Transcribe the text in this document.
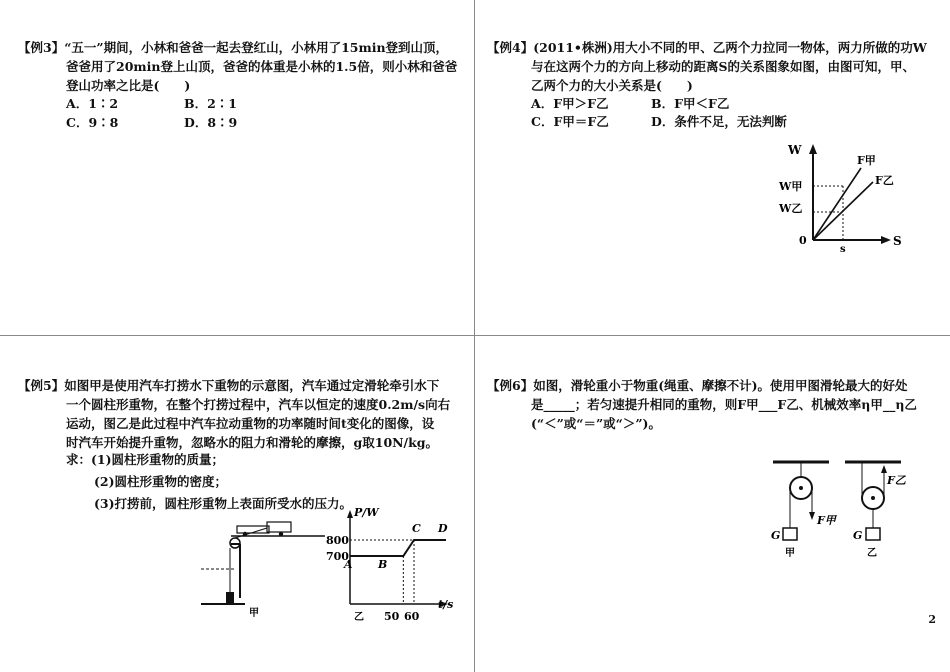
【例3】“五一”期间，小林和爸爸一起去登红山，小林用了15min登到山顶，
爸爸用了20min登上山顶，爸爸的体重是小林的1.5倍，则小林和爸爸
登山功率之比是(　　)
A．1∶2	B．2∶1
C．9∶8	D．8∶9
【例4】(2011•株洲)用大小不同的甲、乙两个力拉同一物体，两力所做的功W
与在这两个力的方向上移动的距离S的关系图象如图，由图可知，甲、
乙两个力的大小关系是(　　)
A．F甲＞F乙	B．F甲＜F乙
C．F甲＝F乙	D．条件不足，无法判断
W
S
0
F甲
F乙
W甲
W乙
s
【例5】如图甲是使用汽车打捞水下重物的示意图，汽车通过定滑轮牵引水下
一个圆柱形重物，在整个打捞过程中，汽车以恒定的速度0.2m/s向右
运动，图乙是此过程中汽车拉动重物的功率随时间t变化的图像，设
时汽车开始提升重物，忽略水的阻力和滑轮的摩擦，g取10N/kg。
求：(1)圆柱形重物的质量；
(2)圆柱形重物的密度；
(3)打捞前，圆柱形重物上表面所受水的压力。
甲
P/W
t/s
800
700
50 60
A B
C D
乙
【例6】如图，滑轮重小于物重(绳重、摩擦不计)。使用甲图滑轮最大的好处
是_____；若匀速提升相同的重物，则F甲___F乙、机械效率η甲__η乙
(“＜”或“＝”或“＞”)。
G
F甲
甲
G
F乙
乙
2
